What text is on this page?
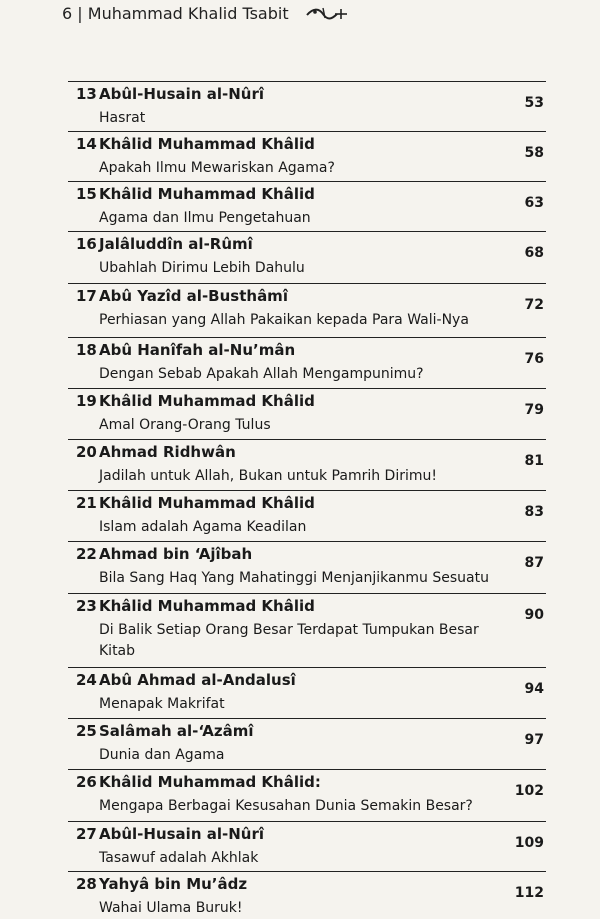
6 | Muhammad Khalid Tsabit
13 Abûl-Husain al-Nûrî
Hasrat
53
14 Khâlid Muhammad Khâlid
Apakah Ilmu Mewariskan Agama?
58
15 Khâlid Muhammad Khâlid
Agama dan Ilmu Pengetahuan
63
16 Jalâluddîn al-Rûmî
Ubahlah Dirimu Lebih Dahulu
68
17 Abû Yazîd al-Busthâmî
Perhiasan yang Allah Pakaikan kepada Para Wali-Nya
72
18 Abû Hanîfah al-Nu’mân
Dengan Sebab Apakah Allah Mengampunimu?
76
19 Khâlid Muhammad Khâlid
Amal Orang-Orang Tulus
79
20 Ahmad Ridhwân
Jadilah untuk Allah, Bukan untuk Pamrih Dirimu!
81
21 Khâlid Muhammad Khâlid
Islam adalah Agama Keadilan
83
22 Ahmad bin ‘Ajîbah
Bila Sang Haq Yang Mahatinggi Menjanjikanmu Sesuatu
87
23 Khâlid Muhammad Khâlid
Di Balik Setiap Orang Besar Terdapat Tumpukan Besar Kitab
90
24 Abû Ahmad al-Andalusî
Menapak Makrifat
94
25 Salâmah al-‘Azâmî
Dunia dan Agama
97
26 Khâlid Muhammad Khâlid:
Mengapa Berbagai Kesusahan Dunia Semakin Besar?
102
27 Abûl-Husain al-Nûrî
Tasawuf adalah Akhlak
109
28 Yahyâ bin Mu’âdz
Wahai Ulama Buruk!
112
